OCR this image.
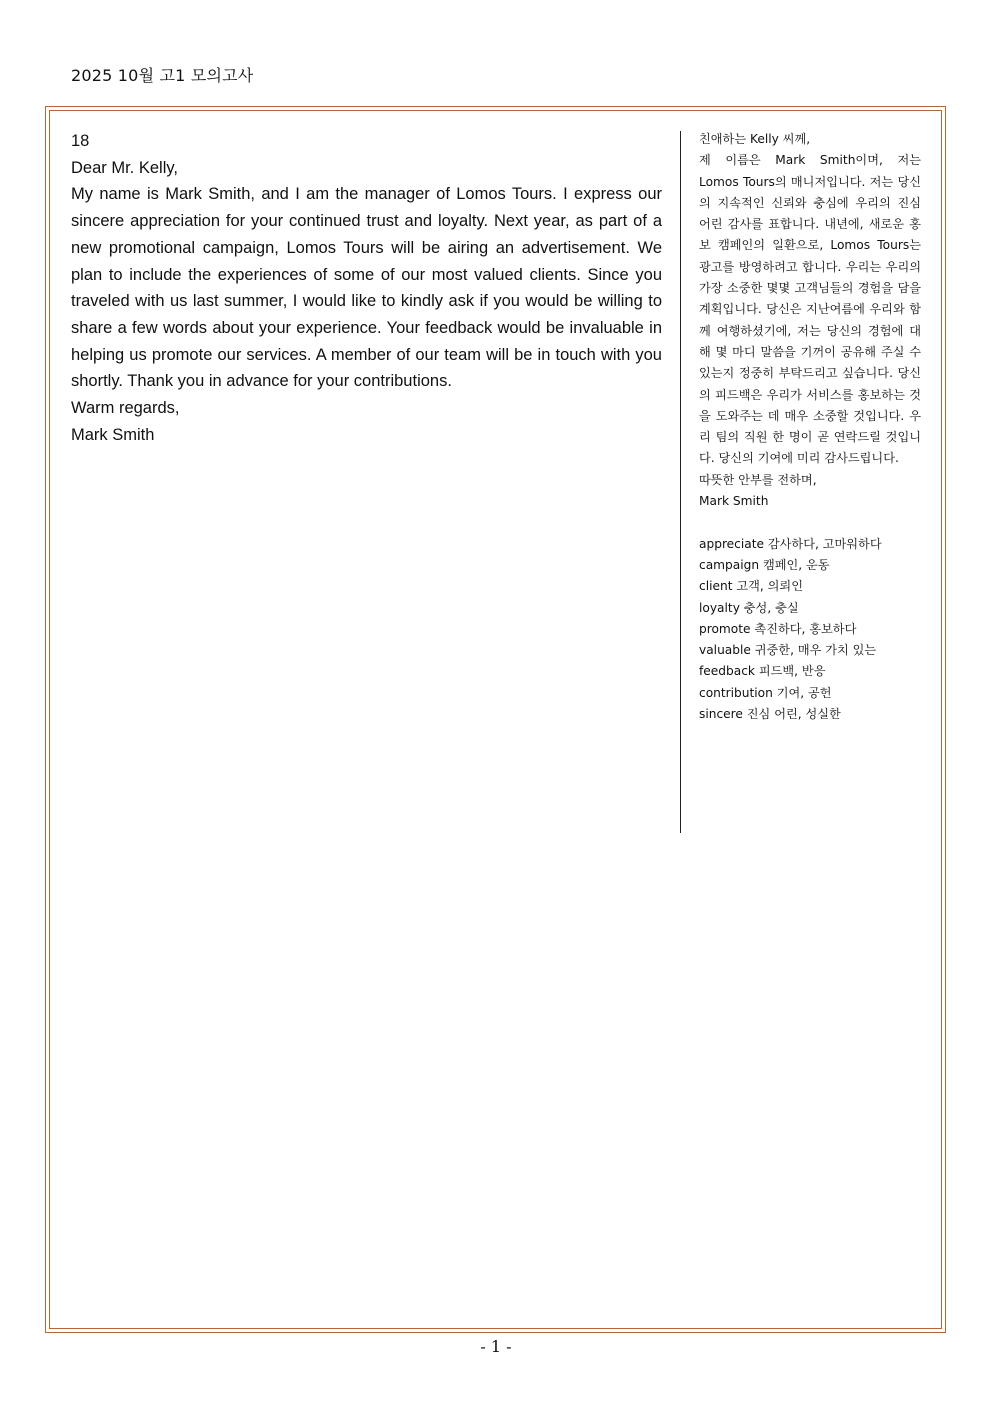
2025 10월 고1 모의고사
18
Dear Mr. Kelly,
My name is Mark Smith, and I am the manager of Lomos Tours. I express our sincere appreciation for your continued trust and loyalty. Next year, as part of a new promotional campaign, Lomos Tours will be airing an advertisement. We plan to include the experiences of some of our most valued clients. Since you traveled with us last summer, I would like to kindly ask if you would be willing to share a few words about your experience. Your feedback would be invaluable in helping us promote our services. A member of our team will be in touch with you shortly. Thank you in advance for your contributions.
Warm regards,
Mark Smith
친애하는 Kelly 씨께,
제 이름은 Mark Smith이며, 저는 Lomos Tours의 매니저입니다. 저는 당신의 지속적인 신뢰와 충심에 우리의 진심 어린 감사를 표합니다. 내년에, 새로운 홍보 캠페인의 일환으로, Lomos Tours는 광고를 방영하려고 합니다. 우리는 우리의 가장 소중한 몇몇 고객님들의 경험을 담을 계획입니다. 당신은 지난여름에 우리와 함께 여행하셨기에, 저는 당신의 경험에 대해 몇 마디 말씀을 기꺼이 공유해 주실 수 있는지 정중히 부탁드리고 싶습니다. 당신의 피드백은 우리가 서비스를 홍보하는 것을 도와주는 데 매우 소중할 것입니다. 우리 팀의 직원 한 명이 곧 연락드릴 것입니다. 당신의 기여에 미리 감사드립니다.
따뜻한 안부를 전하며,
Mark Smith
appreciate 감사하다, 고마워하다
campaign 캠페인, 운동
client 고객, 의뢰인
loyalty 충성, 충실
promote 촉진하다, 홍보하다
valuable 귀중한, 매우 가치 있는
feedback 피드백, 반응
contribution 기여, 공헌
sincere 진심 어린, 성실한
- 1 -
